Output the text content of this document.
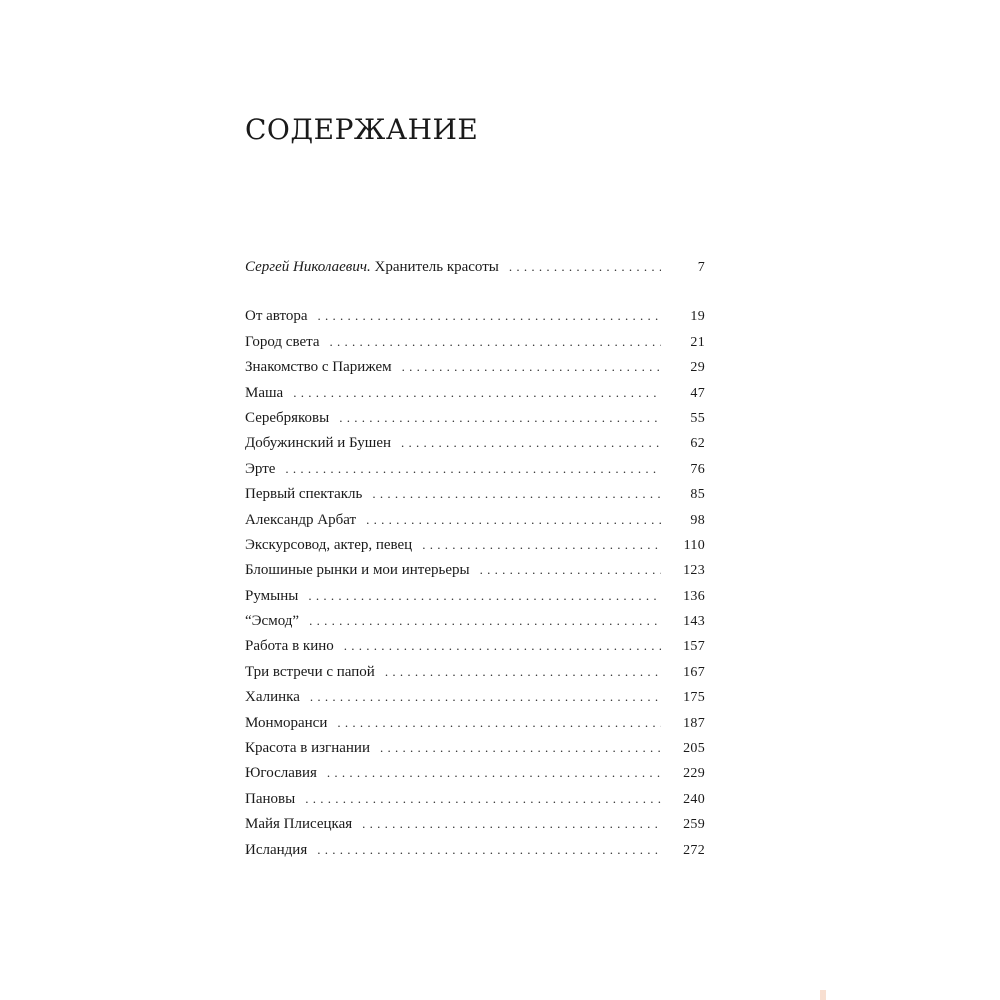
СОДЕРЖАНИЕ
Сергей Николаевич. Хранитель красоты . . .	7
От автора . . .	19
Город света . . .	21
Знакомство с Парижем . . .	29
Маша . . .	47
Серебряковы . . .	55
Добужинский и Бушен . . .	62
Эрте . . .	76
Первый спектакль . . .	85
Александр Арбат . . .	98
Экскурсовод, актер, певец . . .	110
Блошиные рынки и мои интерьеры . . .	123
Румыны . . .	136
“Эсмод” . . .	143
Работа в кино . . .	157
Три встречи с папой . . .	167
Халинка . . .	175
Монморанси . . .	187
Красота в изгнании . . .	205
Югославия . . .	229
Пановы . . .	240
Майя Плисецкая . . .	259
Исландия . . .	272
